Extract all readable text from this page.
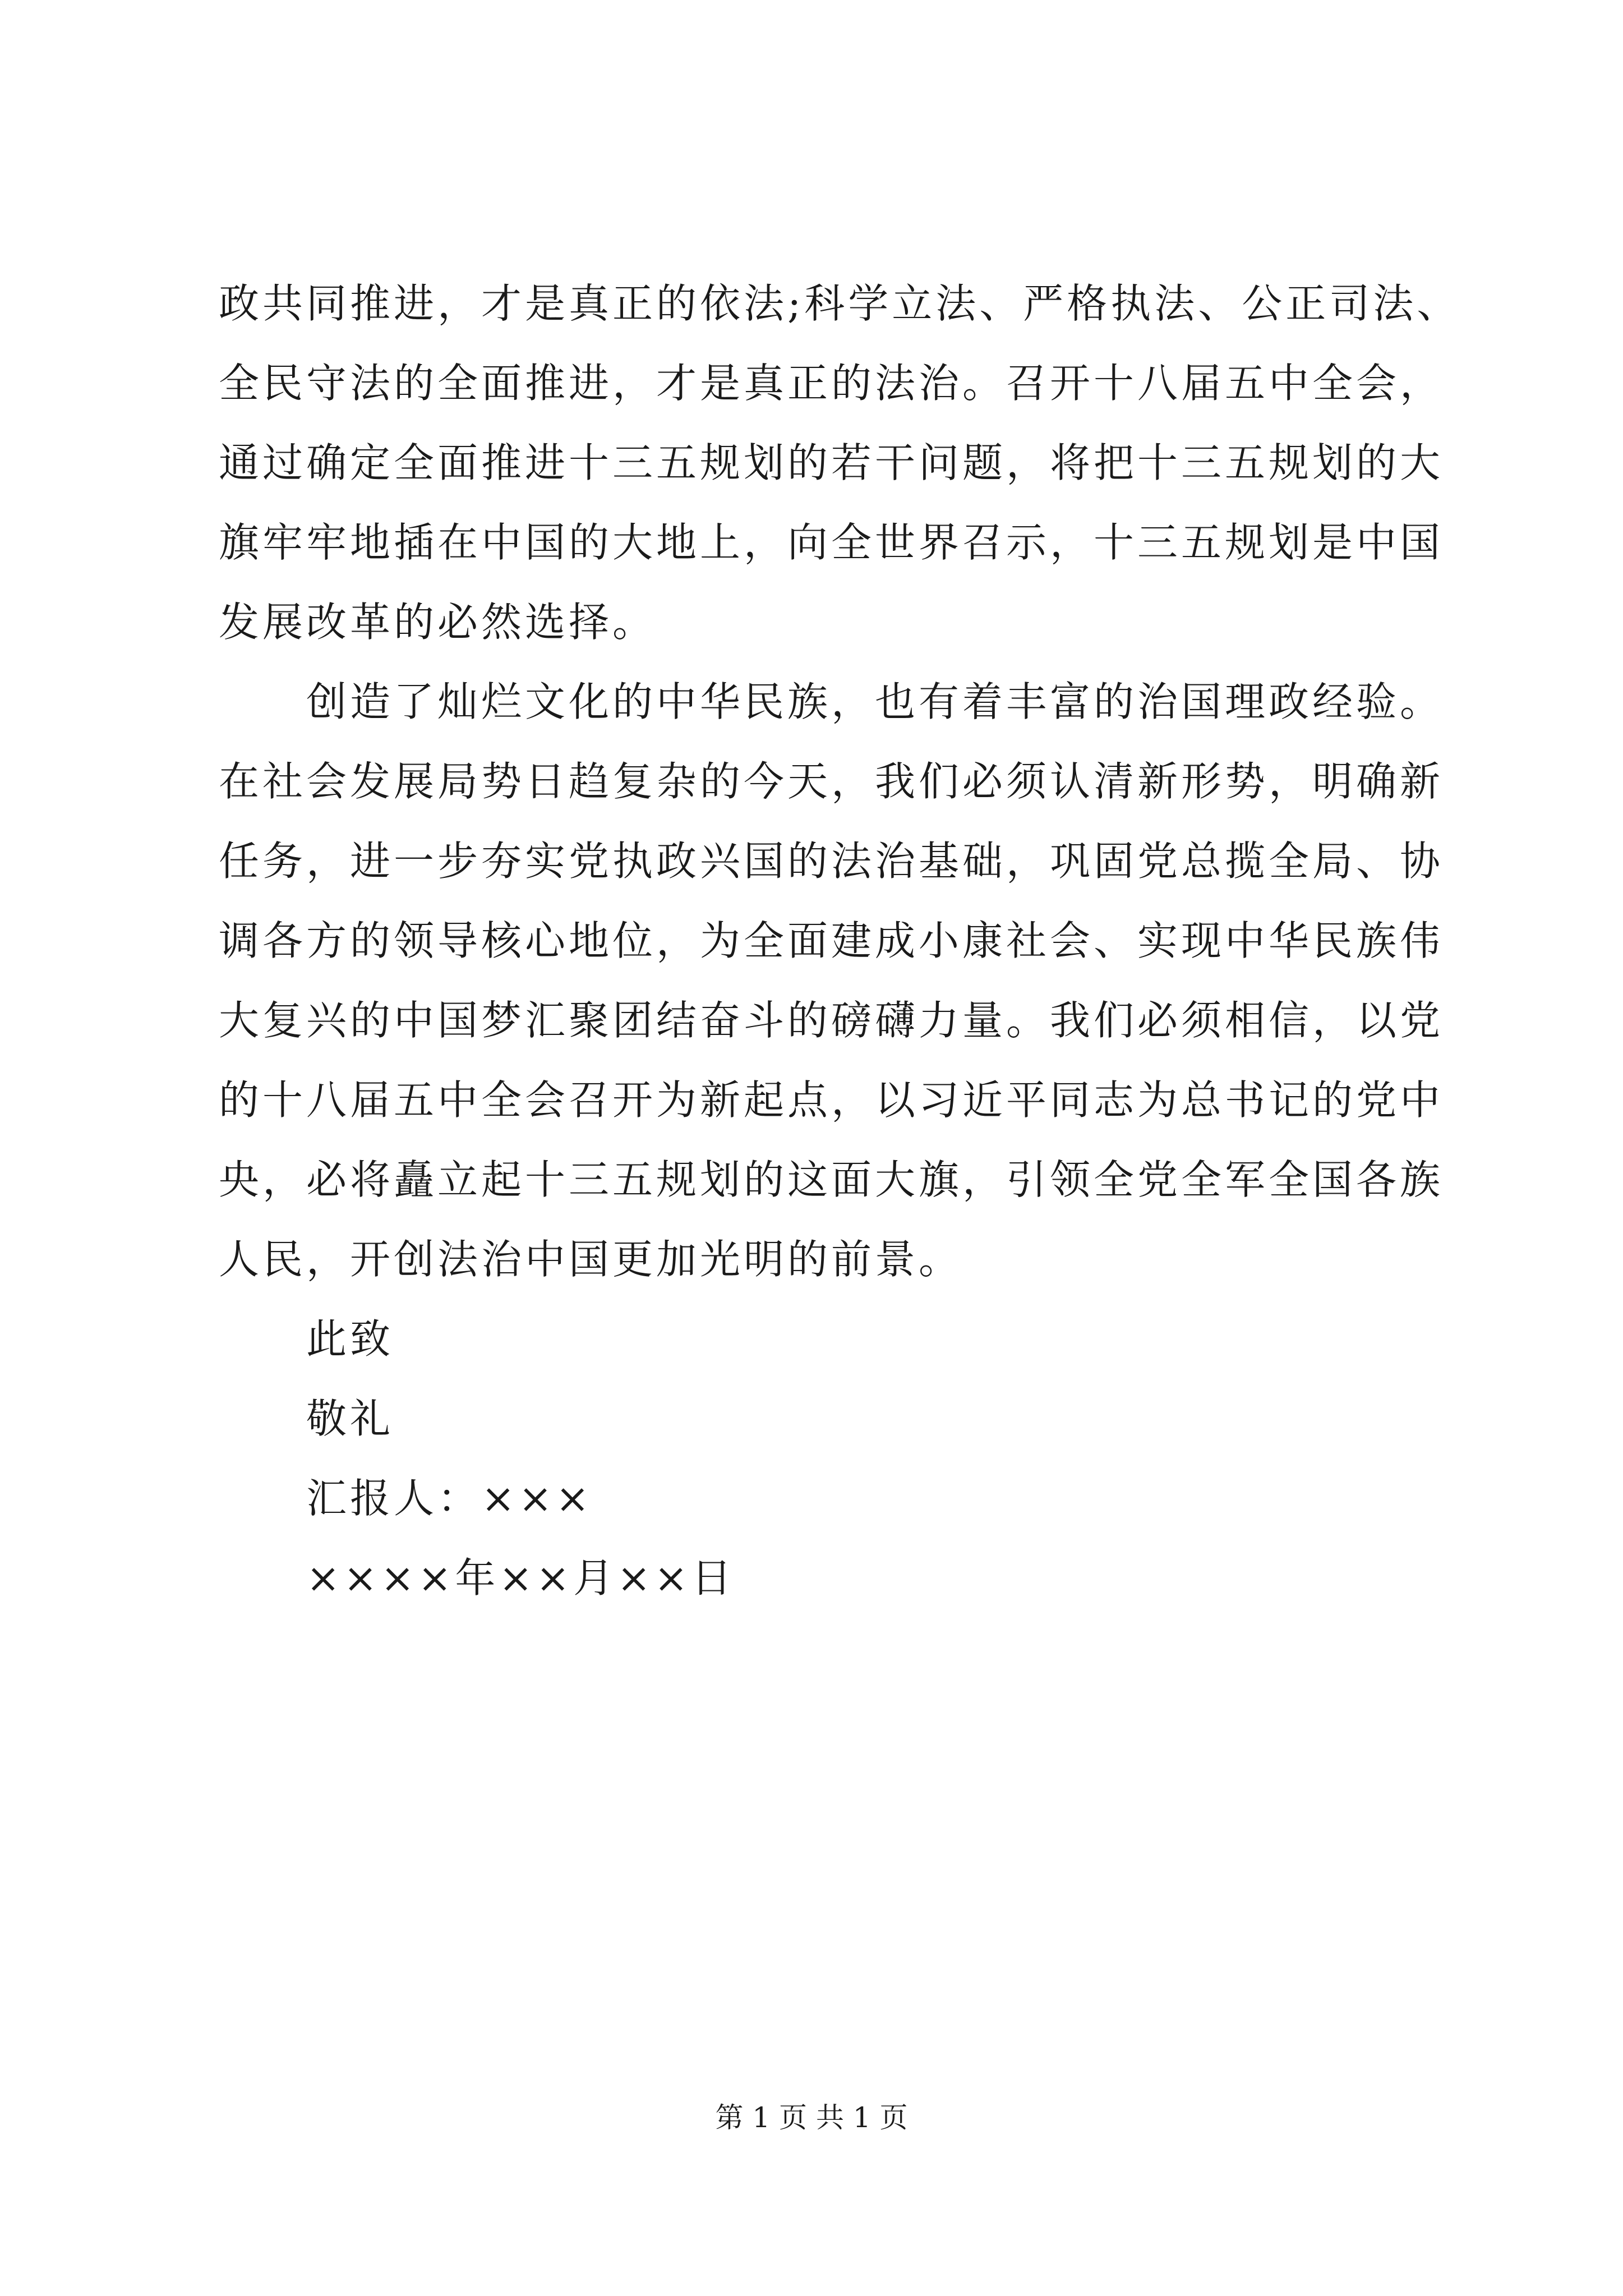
政共同推进，才是真正的依法;科学立法、严格执法、公正司法、
全民守法的全面推进，才是真正的法治。召开十八届五中全会，
通过确定全面推进十三五规划的若干问题，将把十三五规划的大
旗牢牢地插在中国的大地上，向全世界召示，十三五规划是中国
发展改革的必然选择。
创造了灿烂文化的中华民族，也有着丰富的治国理政经验。
在社会发展局势日趋复杂的今天，我们必须认清新形势，明确新
任务，进一步夯实党执政兴国的法治基础，巩固党总揽全局、协
调各方的领导核心地位，为全面建成小康社会、实现中华民族伟
大复兴的中国梦汇聚团结奋斗的磅礴力量。我们必须相信，以党
的十八届五中全会召开为新起点，以习近平同志为总书记的党中
央，必将矗立起十三五规划的这面大旗，引领全党全军全国各族
人民，开创法治中国更加光明的前景。
此致
敬礼
汇报人：×××
××××年××月××日
第 1 页 共 1 页
